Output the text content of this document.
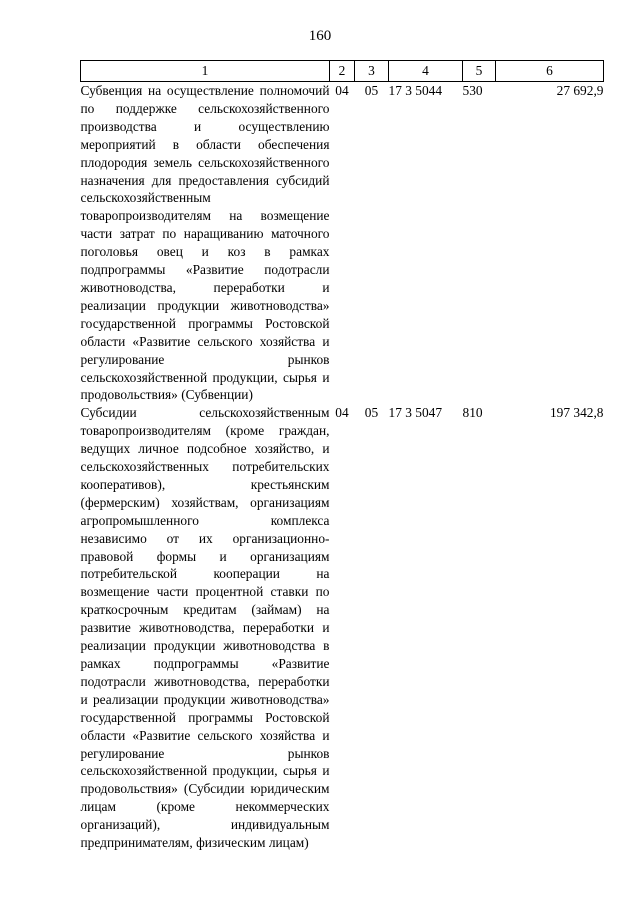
160
1	2	3	4	5	6
Субвенция на осуществление полномочий по поддержке сельскохозяйственного производства и осуществлению мероприятий в области обеспечения плодородия земель сельскохозяйственного назначения для предоставления субсидий сельскохозяйственным товаропроизводителям на возмещение части затрат по наращиванию маточного поголовья овец и коз в рамках подпрограммы «Развитие подотрасли животноводства, переработки и реализации продукции животноводства» государственной программы Ростовской области «Развитие сельского хозяйства и регулирование рынков сельскохозяйственной продукции, сырья и продовольствия» (Субвенции)	04	05	17 3 5044	530	27 692,9
Субсидии сельскохозяйственным товаропроизводителям (кроме граждан, ведущих личное подсобное хозяйство, и сельскохозяйственных потребительских кооперативов), крестьянским (фермерским) хозяйствам, организациям агропромышленного комплекса независимо от их организационно-правовой формы и организациям потребительской кооперации на возмещение части процентной ставки по краткосрочным кредитам (займам) на развитие животноводства, переработки и реализации продукции животноводства в рамках подпрограммы «Развитие подотрасли животноводства, переработки и реализации продукции животноводства» государственной программы Ростовской области «Развитие сельского хозяйства и регулирование рынков сельскохозяйственной продукции, сырья и продовольствия» (Субсидии юридическим лицам (кроме некоммерческих организаций), индивидуальным предпринимателям, физическим лицам)	04	05	17 3 5047	810	197 342,8
